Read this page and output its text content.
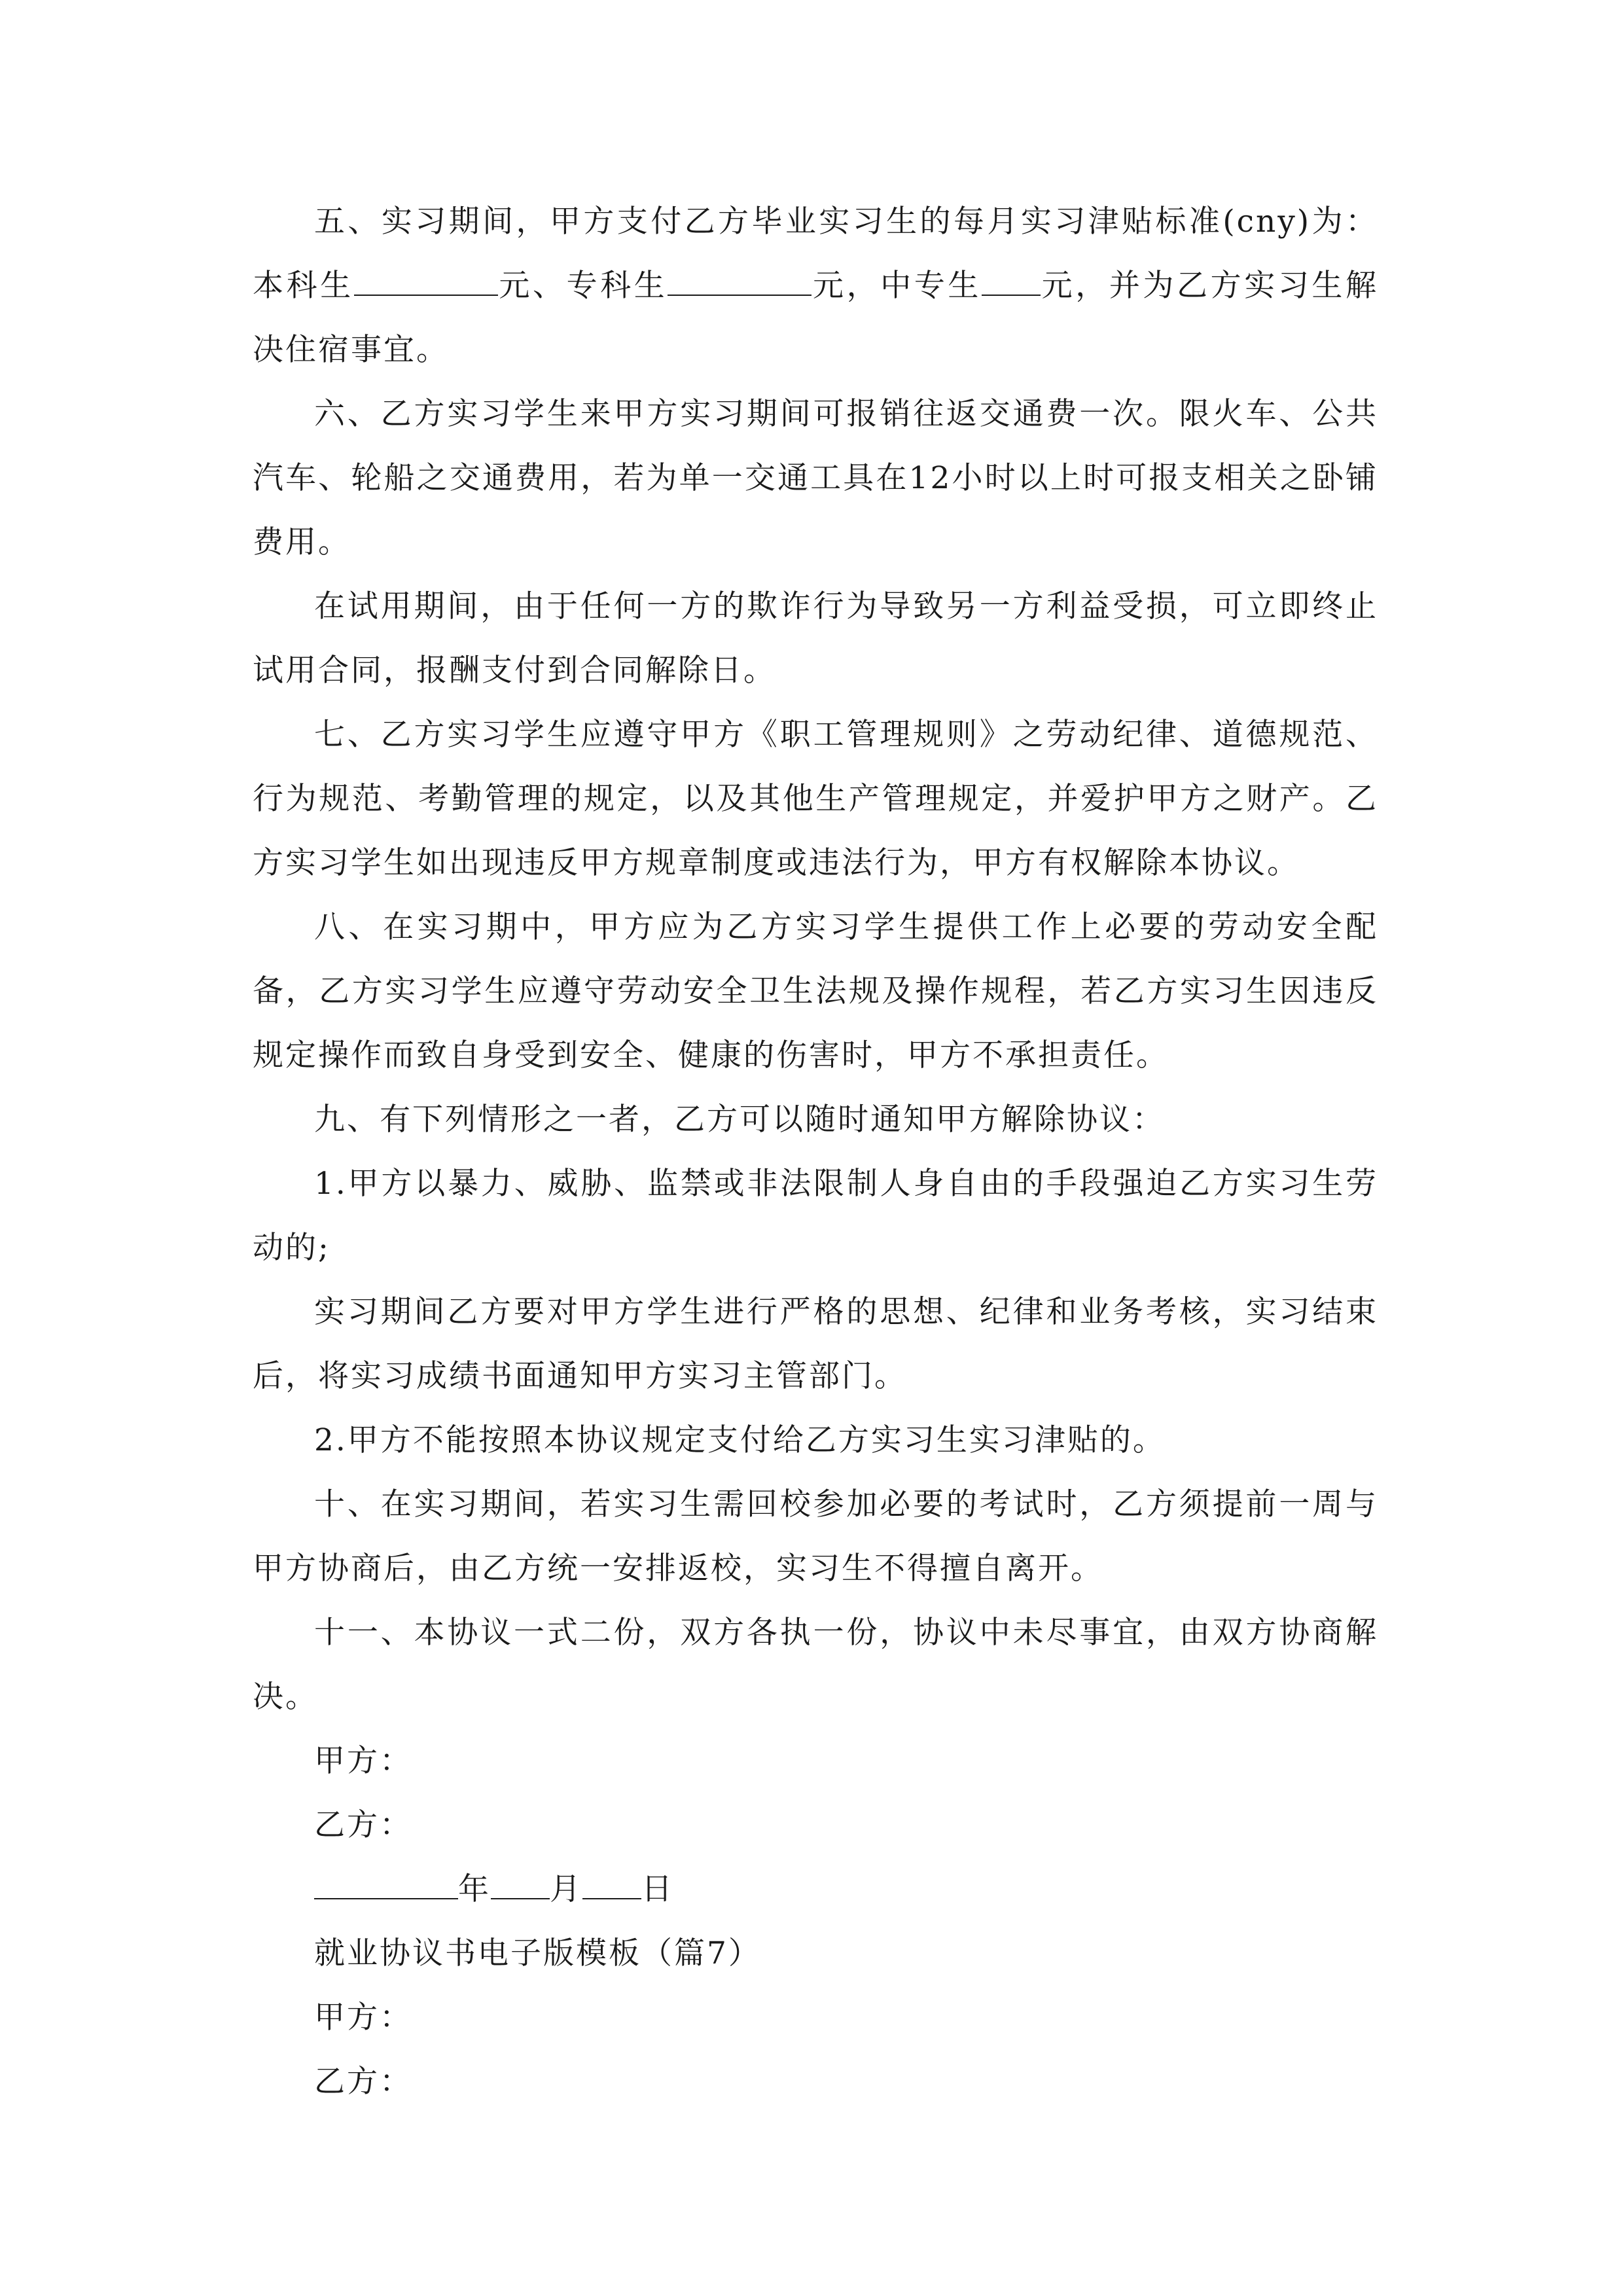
五、实习期间，甲方支付乙方毕业实习生的每月实习津贴标准(cny)为：本科生	元、专科生	元，中专生 元，并为乙方实习生解决住宿事宜。

六、乙方实习学生来甲方实习期间可报销往返交通费一次。限火车、公共汽车、轮船之交通费用，若为单一交通工具在12小时以上时可报支相关之卧铺费用。

在试用期间，由于任何一方的欺诈行为导致另一方利益受损，可立即终止试用合同，报酬支付到合同解除日。

七、乙方实习学生应遵守甲方《职工管理规则》之劳动纪律、道德规范、行为规范、考勤管理的规定，以及其他生产管理规定，并爱护甲方之财产。乙方实习学生如出现违反甲方规章制度或违法行为，甲方有权解除本协议。

八、在实习期中，甲方应为乙方实习学生提供工作上必要的劳动安全配备，乙方实习学生应遵守劳动安全卫生法规及操作规程，若乙方实习生因违反规定操作而致自身受到安全、健康的伤害时，甲方不承担责任。

九、有下列情形之一者，乙方可以随时通知甲方解除协议：

1.甲方以暴力、威胁、监禁或非法限制人身自由的手段强迫乙方实习生劳动的;

实习期间乙方要对甲方学生进行严格的思想、纪律和业务考核，实习结束后，将实习成绩书面通知甲方实习主管部门。

2.甲方不能按照本协议规定支付给乙方实习生实习津贴的。

十、在实习期间，若实习生需回校参加必要的考试时，乙方须提前一周与甲方协商后，由乙方统一安排返校，实习生不得擅自离开。

十一、本协议一式二份，双方各执一份，协议中未尽事宜，由双方协商解决。

甲方：

乙方：

年 月 日

就业协议书电子版模板（篇7）

甲方：

乙方：
